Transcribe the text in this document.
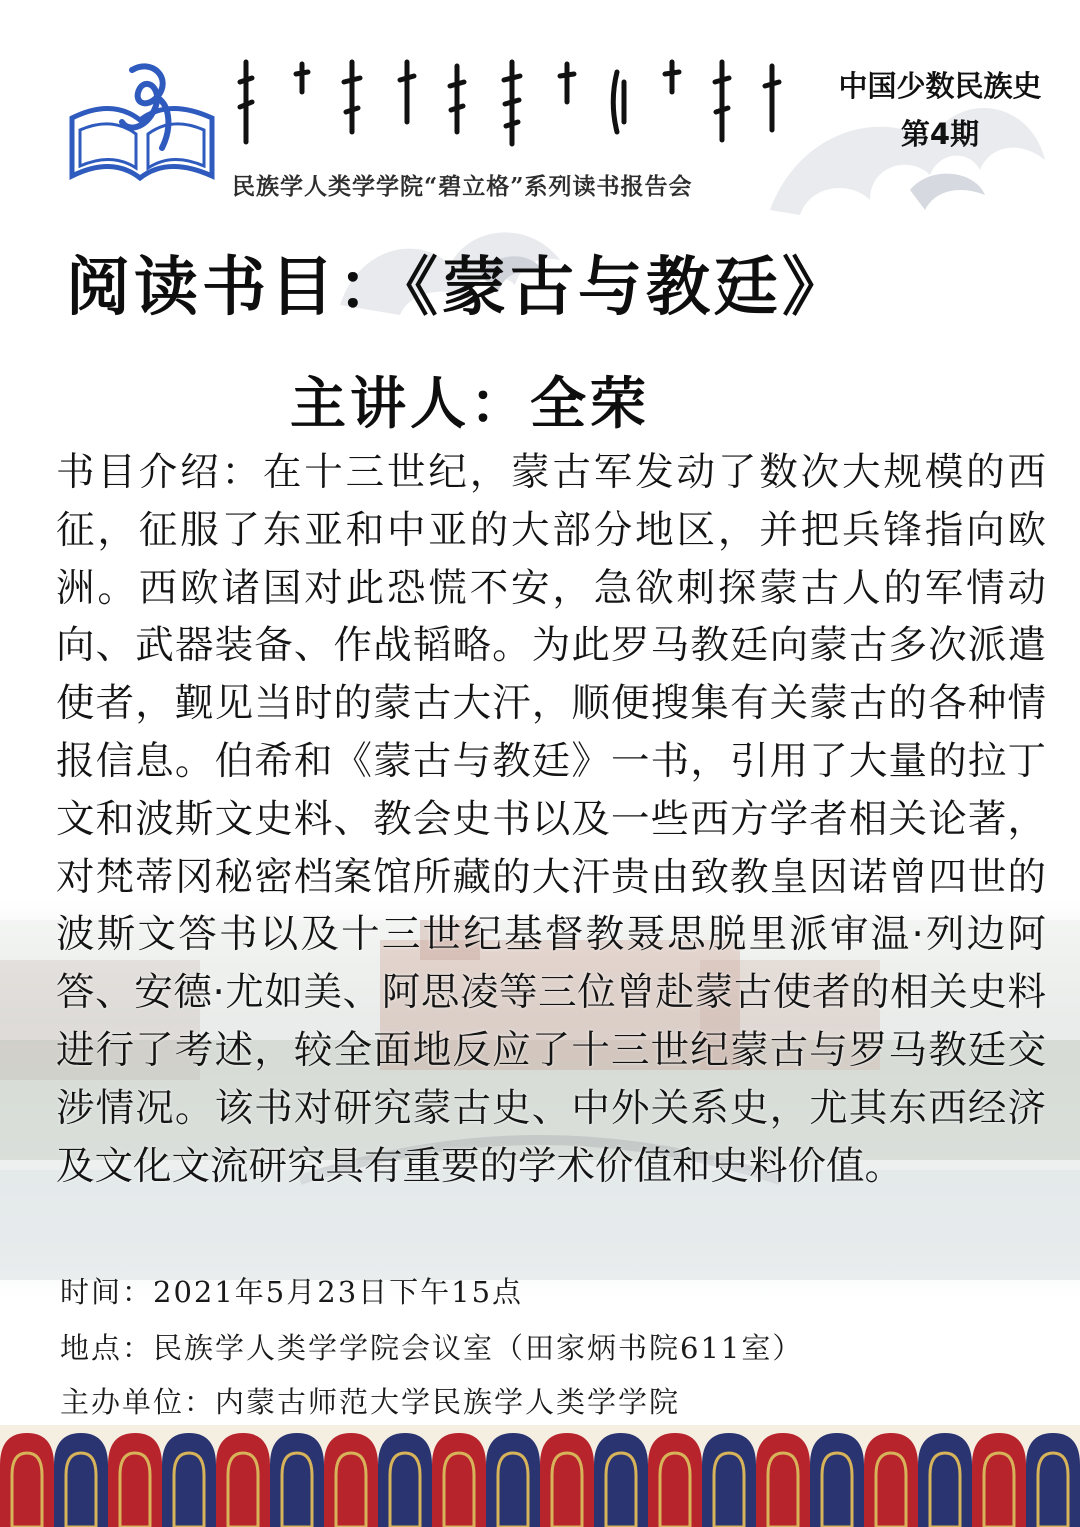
中国少数民族史
第4期
民族学人类学学院“碧立格”系列读书报告会
阅读书目：《蒙古与教廷》
主讲人：全荣

书目介绍：在十三世纪，蒙古军发动了数次大规模的西征，征服了东亚和中亚的大部分地区，并把兵锋指向欧洲。西欧诸国对此恐慌不安，急欲刺探蒙古人的军情动向、武器装备、作战韬略。为此罗马教廷向蒙古多次派遣使者，觐见当时的蒙古大汗，顺便搜集有关蒙古的各种情报信息。伯希和《蒙古与教廷》一书，引用了大量的拉丁文和波斯文史料、教会史书以及一些西方学者相关论著，对梵蒂冈秘密档案馆所藏的大汗贵由致教皇因诺曾四世的波斯文答书以及十三世纪基督教聂思脱里派审温·列边阿答、安德·尤如美、阿思凌等三位曾赴蒙古使者的相关史料进行了考述，较全面地反应了十三世纪蒙古与罗马教廷交涉情况。该书对研究蒙古史、中外关系史，尤其东西经济及文化文流研究具有重要的学术价值和史料价值。

时间：2021年5月23日下午15点
地点：民族学人类学学院会议室（田家炳书院611室）
主办单位：内蒙古师范大学民族学人类学学院
